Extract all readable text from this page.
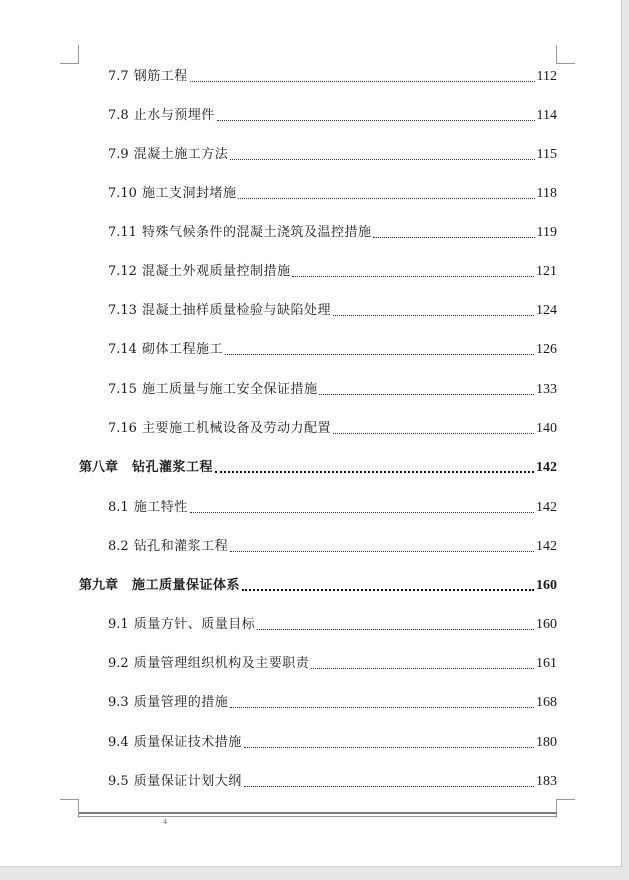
7.7 钢筋工程	112
7.8 止水与预埋件	114
7.9 混凝土施工方法	115
7.10 施工支洞封堵施	118
7.11 特殊气候条件的混凝土浇筑及温控措施	119
7.12 混凝土外观质量控制措施	121
7.13 混凝土抽样质量检验与缺陷处理	124
7.14 砌体工程施工	126
7.15 施工质量与施工安全保证措施	133
7.16 主要施工机械设备及劳动力配置	140
第八章 钻孔灌浆工程	142
8.1 施工特性	142
8.2 钻孔和灌浆工程	142
第九章 施工质量保证体系	160
9.1 质量方针、质量目标	160
9.2 质量管理组织机构及主要职责	161
9.3 质量管理的措施	168
9.4 质量保证技术措施	180
9.5 质量保证计划大纲	183
4
